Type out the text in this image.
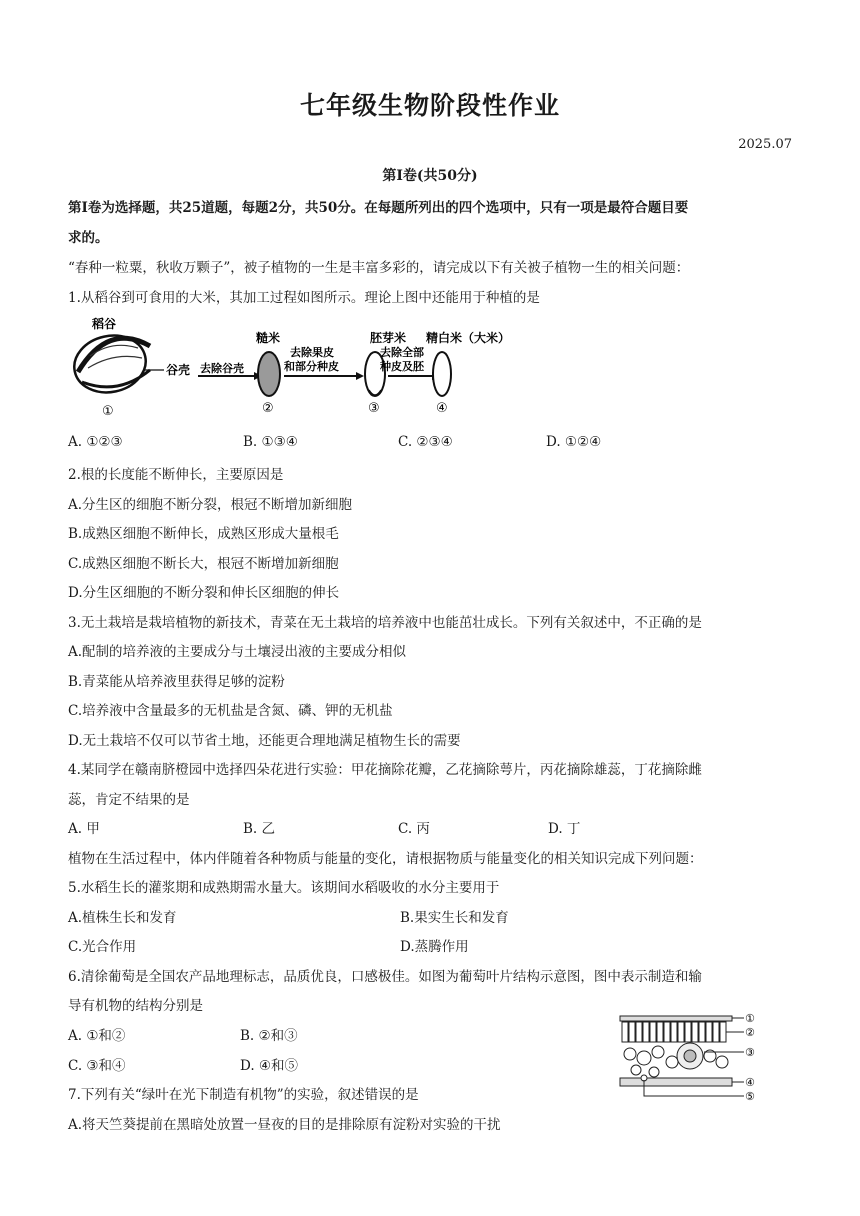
七年级生物阶段性作业
2025.07
第Ⅰ卷(共50分)
第Ⅰ卷为选择题，共25道题，每题2分，共50分。在每题所列出的四个选项中，只有一项是最符合题目要
求的。
“春种一粒粟，秋收万颗子”，被子植物的一生是丰富多彩的，请完成以下有关被子植物一生的相关问题：
1.从稻谷到可食用的大米，其加工过程如图所示。理论上图中还能用于种植的是
稻谷
谷壳
①
去除谷壳
糙米
②
去除果皮
和部分种皮
胚芽米
③
去除全部
种皮及胚
精白米（大米）
④
A. ①②③	B. ①③④	C. ②③④	D. ①②④
2.根的长度能不断伸长，主要原因是
A.分生区的细胞不断分裂，根冠不断增加新细胞
B.成熟区细胞不断伸长，成熟区形成大量根毛
C.成熟区细胞不断长大，根冠不断增加新细胞
D.分生区细胞的不断分裂和伸长区细胞的伸长
3.无土栽培是栽培植物的新技术，青菜在无土栽培的培养液中也能茁壮成长。下列有关叙述中，不正确的是
A.配制的培养液的主要成分与土壤浸出液的主要成分相似
B.青菜能从培养液里获得足够的淀粉
C.培养液中含量最多的无机盐是含氮、磷、钾的无机盐
D.无土栽培不仅可以节省土地，还能更合理地满足植物生长的需要
4.某同学在赣南脐橙园中选择四朵花进行实验：甲花摘除花瓣，乙花摘除萼片，丙花摘除雄蕊，丁花摘除雌
蕊，肯定不结果的是
A. 甲	B. 乙	C. 丙	D. 丁
植物在生活过程中，体内伴随着各种物质与能量的变化，请根据物质与能量变化的相关知识完成下列问题：
5.水稻生长的灌浆期和成熟期需水量大。该期间水稻吸收的水分主要用于
A.植株生长和发育	B.果实生长和发育
C.光合作用	D.蒸腾作用
6.清徐葡萄是全国农产品地理标志，品质优良，口感极佳。如图为葡萄叶片结构示意图，图中表示制造和输
导有机物的结构分别是
A. ①和②	B. ②和③
C. ③和④	D. ④和⑤
①
②
③
④
⑤
7.下列有关“绿叶在光下制造有机物”的实验，叙述错误的是
A.将天竺葵提前在黑暗处放置一昼夜的目的是排除原有淀粉对实验的干扰
